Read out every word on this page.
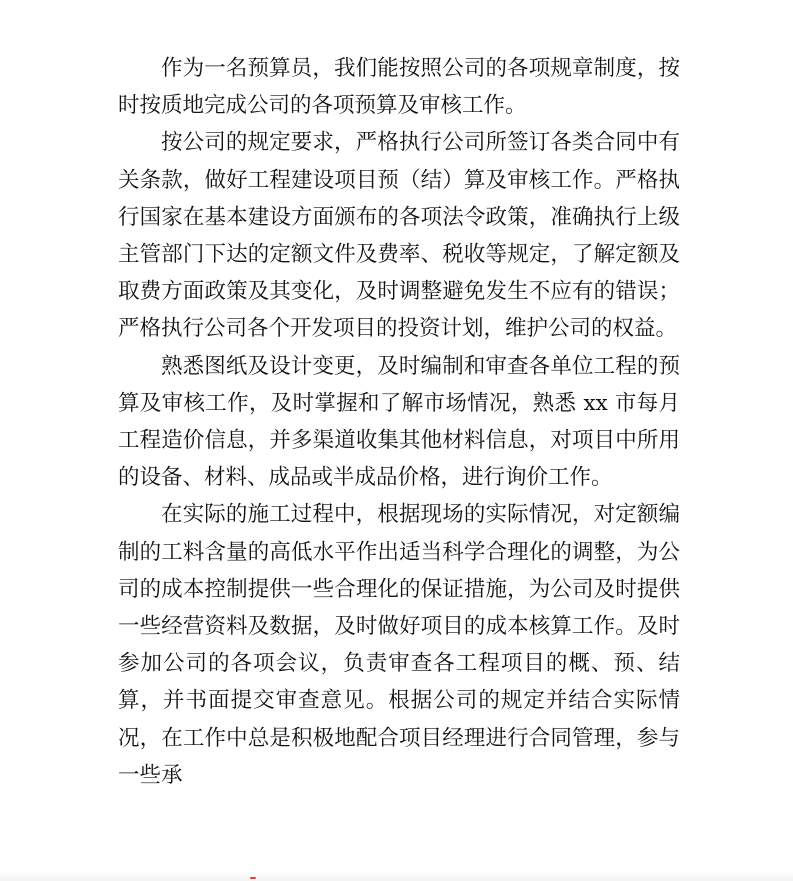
作为一名预算员，我们能按照公司的各项规章制度，按时按质地完成公司的各项预算及审核工作。

按公司的规定要求，严格执行公司所签订各类合同中有关条款，做好工程建设项目预（结）算及审核工作。严格执行国家在基本建设方面颁布的各项法令政策，准确执行上级主管部门下达的定额文件及费率、税收等规定，了解定额及取费方面政策及其变化，及时调整避免发生不应有的错误；严格执行公司各个开发项目的投资计划，维护公司的权益。

熟悉图纸及设计变更，及时编制和审查各单位工程的预算及审核工作，及时掌握和了解市场情况，熟悉 xx 市每月工程造价信息，并多渠道收集其他材料信息，对项目中所用的设备、材料、成品或半成品价格，进行询价工作。

在实际的施工过程中，根据现场的实际情况，对定额编制的工料含量的高低水平作出适当科学合理化的调整，为公司的成本控制提供一些合理化的保证措施，为公司及时提供一些经营资料及数据，及时做好项目的成本核算工作。及时参加公司的各项会议，负责审查各工程项目的概、预、结算，并书面提交审查意见。根据公司的规定并结合实际情况，在工作中总是积极地配合项目经理进行合同管理，参与一些承
